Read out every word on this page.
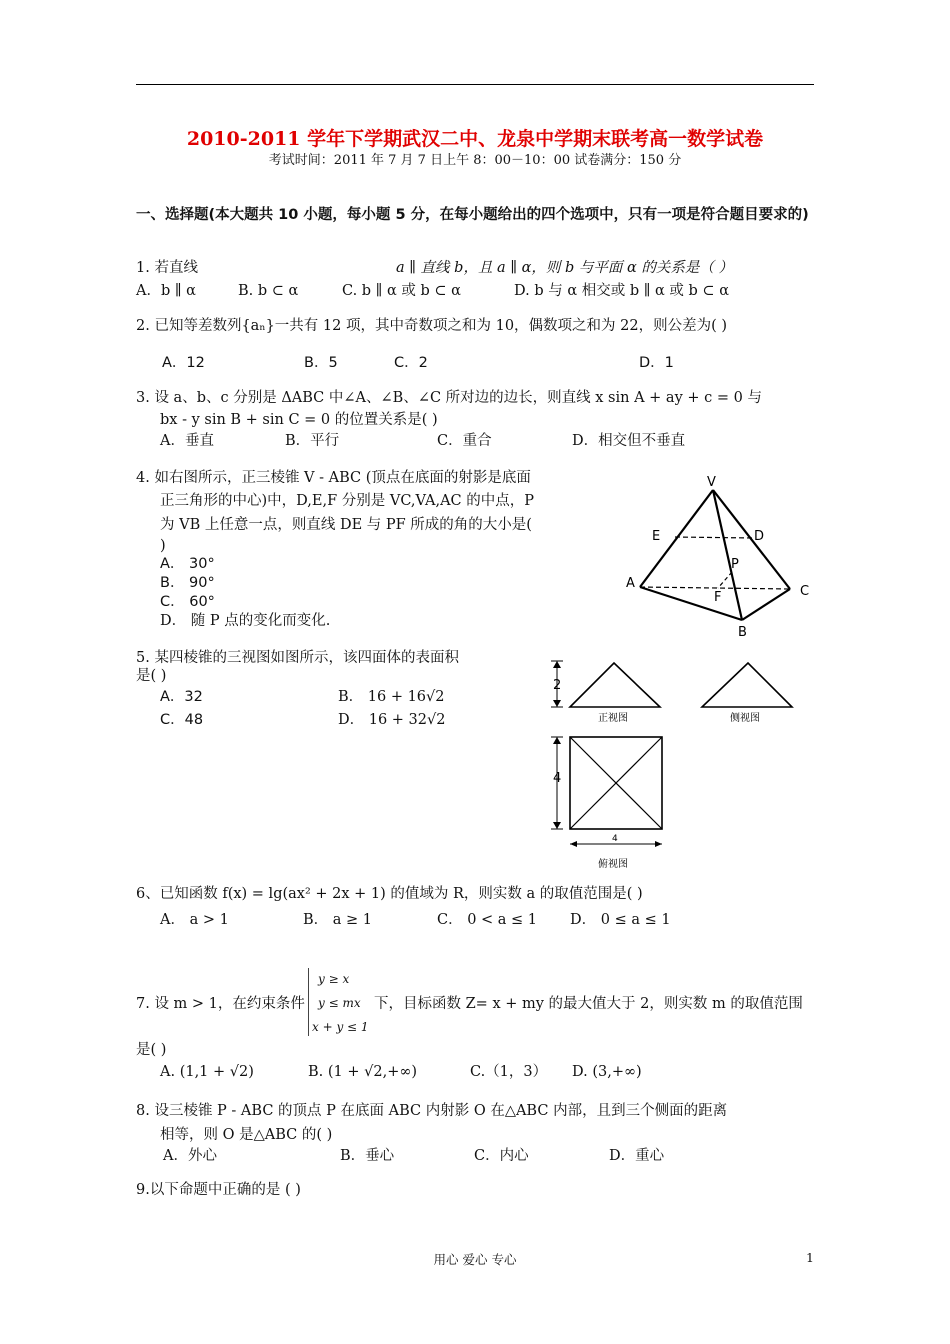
2010-2011 学年下学期武汉二中、龙泉中学期末联考高一数学试卷
考试时间：2011 年 7 月 7 日上午 8：00－10：00 试卷满分：150 分
一、选择题(本大题共 10 小题，每小题 5 分，在每小题给出的四个选项中，只有一项是符合题目要求的)
1. 若直线	a ∥ 直线 b，且 a ∥ α，则 b 与平面 α 的关系是（ ）
A．b ∥ α	B. b ⊂ α	C. b ∥ α 或 b ⊂ α	D. b 与 α 相交或 b ∥ α 或 b ⊂ α
2. 已知等差数列{aₙ}一共有 12 项，其中奇数项之和为 10，偶数项之和为 22，则公差为( )
A．12	B．5	C．2	D．1
3. 设 a、b、c 分别是 ΔABC 中∠A、∠B、∠C 所对边的边长，则直线 x sin A + ay + c = 0 与
bx - y sin B + sin C = 0 的位置关系是( )
A．垂直	B．平行	C．重合	D．相交但不垂直
4. 如右图所示，正三棱锥 V - ABC (顶点在底面的射影是底面
正三角形的中心)中，D,E,F 分别是 VC,VA,AC 的中点，P
为 VB 上任意一点，则直线 DE 与 PF 所成的角的大小是(
)
A． 30°
B． 90°
C． 60°
D． 随 P 点的变化而变化.
V
E	D
P
A
F	C
B
5. 某四棱锥的三视图如图所示，该四面体的表面积
是( )
A．32	B． 16 + 16√2
C．48	D． 16 + 32√2
2
正视图	侧视图
4
4
俯视图
6、已知函数 f(x) = lg(ax² + 2x + 1) 的值域为 R，则实数 a 的取值范围是( )
A． a > 1	B． a ≥ 1	C． 0 < a ≤ 1 D． 0 ≤ a ≤ 1
y ≥ x
y ≤ mx
x + y ≤ 1
7. 设 m > 1，在约束条件	下，目标函数 Z= x + my 的最大值大于 2，则实数 m 的取值范围
是( )
A. (1,1 + √2)	B. (1 + √2,+∞)	C.（1，3） D. (3,+∞)
8. 设三棱锥 P - ABC 的顶点 P 在底面 ABC 内射影 O 在△ABC 内部，且到三个侧面的距离
相等，则 O 是△ABC 的( )
A．外心	B．垂心	C．内心	D．重心
9.以下命题中正确的是 ( )
用心 爱心 专心	1
